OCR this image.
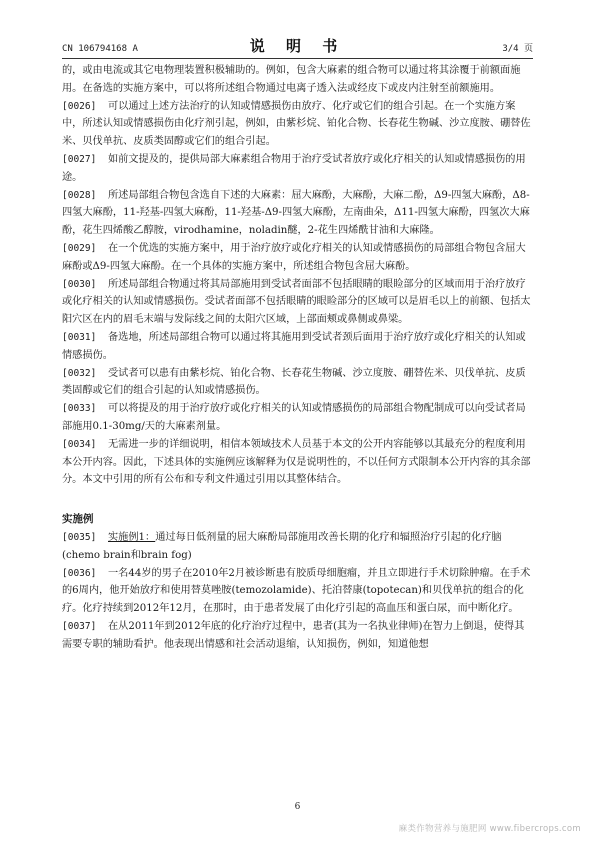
CN 106794168 A	说 明 书	3/4 页

的，或由电流或其它电物理装置积极辅助的。例如，包含大麻素的组合物可以通过将其涂覆于前额面施用。在备选的实施方案中，可以将所述组合物通过电离子透入法或经皮下或皮内注射至前额施用。

[0026] 可以通过上述方法治疗的认知或情感损伤由放疗、化疗或它们的组合引起。在一个实施方案中，所述认知或情感损伤由化疗剂引起，例如，由紫杉烷、铂化合物、长春花生物碱、沙立度胺、硼替佐米、贝伐单抗、皮质类固醇或它们的组合引起。

[0027] 如前文提及的，提供局部大麻素组合物用于治疗受试者放疗或化疗相关的认知或情感损伤的用途。

[0028] 所述局部组合物包含选自下述的大麻素：屈大麻酚，大麻酚，大麻二酚，Δ9-四氢大麻酚，Δ8-四氢大麻酚，11-羟基-四氢大麻酚，11-羟基-Δ9-四氢大麻酚，左南曲朵，Δ11-四氢大麻酚，四氢次大麻酚，花生四烯酸乙醇胺，virodhamine，noladin醚，2-花生四烯酰甘油和大麻隆。

[0029] 在一个优选的实施方案中，用于治疗放疗或化疗相关的认知或情感损伤的局部组合物包含屈大麻酚或Δ9-四氢大麻酚。在一个具体的实施方案中，所述组合物包含屈大麻酚。

[0030] 所述局部组合物通过将其局部施用到受试者面部不包括眼睛的眼睑部分的区域而用于治疗放疗或化疗相关的认知或情感损伤。受试者面部不包括眼睛的眼睑部分的区域可以是眉毛以上的前额、包括太阳穴区在内的眉毛末端与发际线之间的太阳穴区域，上部面颊或鼻侧或鼻梁。

[0031] 备选地，所述局部组合物可以通过将其施用到受试者颈后面用于治疗放疗或化疗相关的认知或情感损伤。

[0032] 受试者可以患有由紫杉烷、铂化合物、长春花生物碱、沙立度胺、硼替佐米、贝伐单抗、皮质类固醇或它们的组合引起的认知或情感损伤。

[0033] 可以将提及的用于治疗放疗或化疗相关的认知或情感损伤的局部组合物配制成可以向受试者局部施用0.1-30mg/天的大麻素剂量。

[0034] 无需进一步的详细说明，相信本领域技术人员基于本文的公开内容能够以其最充分的程度利用本公开内容。因此，下述具体的实施例应该解释为仅是说明性的，不以任何方式限制本公开内容的其余部分。本文中引用的所有公布和专利文件通过引用以其整体结合。

实施例

[0035] 实施例1：通过每日低剂量的屈大麻酚局部施用改善长期的化疗和辐照治疗引起的化疗脑(chemo brain和brain fog)

[0036] 一名44岁的男子在2010年2月被诊断患有胶质母细胞瘤，并且立即进行手术切除肿瘤。在手术的6周内，他开始放疗和使用替莫唑胺(temozolamide)、托泊替康(topotecan)和贝伐单抗的组合的化疗。化疗持续到2012年12月，在那时，由于患者发展了由化疗引起的高血压和蛋白尿，而中断化疗。

[0037] 在从2011年到2012年底的化疗治疗过程中，患者(其为一名执业律师)在智力上倒退，使得其需要专职的辅助看护。他表现出情感和社会活动退缩，认知损伤，例如，知道他想

6
麻类作物营养与施肥网 www.fibercrops.com
